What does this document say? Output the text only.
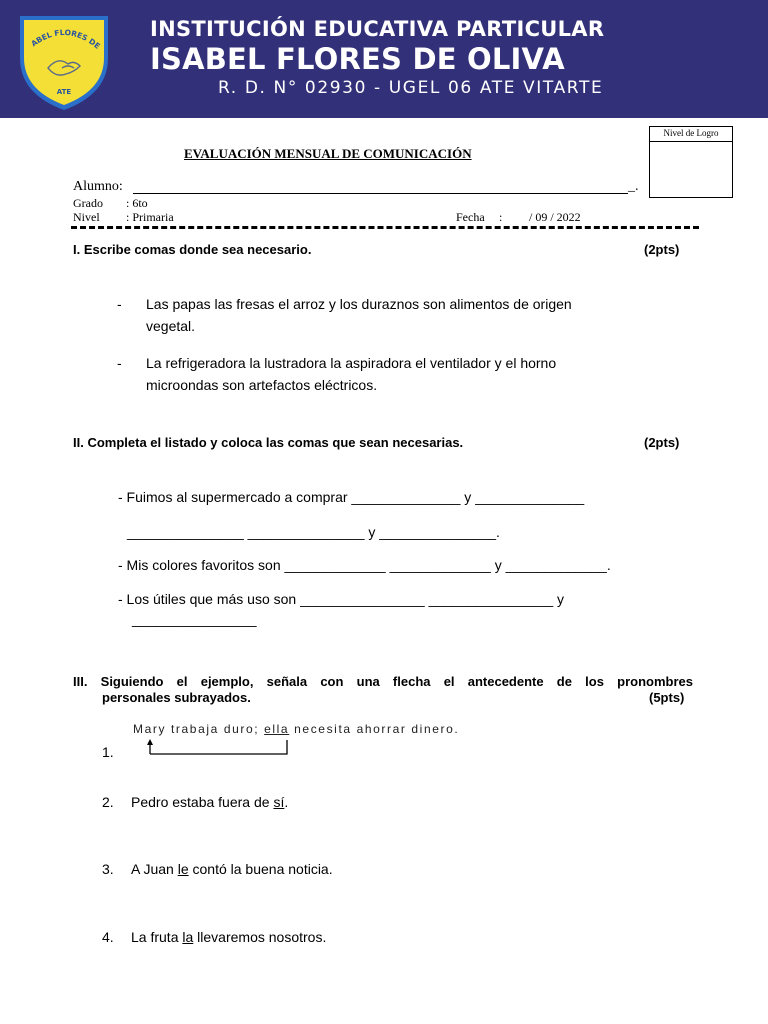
ABEL FLORES DE
ATE
INSTITUCIÓN EDUCATIVA PARTICULAR
ISABEL FLORES DE OLIVA
R. D. N° 02930 - UGEL 06 ATE VITARTE
Nivel de Logro
EVALUACIÓN MENSUAL DE COMUNICACIÓN
Alumno:	_.
Grado : 6to
Nivel : Primaria	Fecha : / 09 / 2022
I. Escribe comas donde sea necesario.	(2pts)
- Las papas las fresas el arroz y los duraznos son alimentos de origen
vegetal.
- La refrigeradora la lustradora la aspiradora el ventilador y el horno
microondas son artefactos eléctricos.
II. Completa el listado y coloca las comas que sean necesarias.	(2pts)
- Fuimos al supermercado a comprar ______________ y ______________
_______________ _______________ y _______________.
- Mis colores favoritos son _____________ _____________ y _____________.
- Los útiles que más uso son ________________ ________________ y
________________
III. Siguiendo el ejemplo, señala con una flecha el antecedente de los pronombres
personales subrayados.	(5pts)
Mary trabaja duro; ella necesita ahorrar dinero.
1.
2. Pedro estaba fuera de sí.
3. A Juan le contó la buena noticia.
4. La fruta la llevaremos nosotros.
